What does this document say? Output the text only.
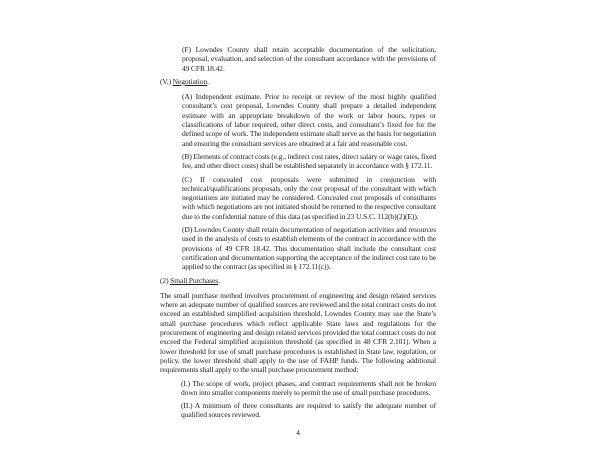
(F) Lowndes County shall retain acceptable documentation of the solicitation, proposal, evaluation, and selection of the consultant accordance with the provisions of 49 CFR 18.42.

(V.) Negotiation.

(A) Independent estimate. Prior to receipt or review of the most highly qualified consultant’s cost proposal, Lowndes County shall prepare a detailed independent estimate with an appropriate breakdown of the work or labor hours, types or classifications of labor required, other direct costs, and consultant’s fixed fee for the defined scope of work. The independent estimate shall serve as the basis for negotiation and ensuring the consultant services are obtained at a fair and reasonable cost.

(B) Elements of contract costs (e.g., indirect cost rates, direct salary or wage rates, fixed fee, and other direct costs) shall be established separately in accordance with § 172.11.

(C) If concealed cost proposals were submitted in conjunction with technical/qualifications proposals, only the cost proposal of the consultant with which negotiations are initiated may be considered. Concealed cost proposals of consultants with which negotiations are not initiated should be returned to the respective consultant due to the confidential nature of this data (as specified in 23 U.S.C. 112(b)(2)(E)).

(D) Lowndes County shall retain documentation of negotiation activities and resources used in the analysis of costs to establish elements of the contract in accordance with the provisions of 49 CFR 18.42. This documentation shall include the consultant cost certification and documentation supporting the acceptance of the indirect cost rate to be applied to the contract (as specified in § 172.11(c)).

(2) Small Purchases.

The small purchase method involves procurement of engineering and design related services where an adequate number of qualified sources are reviewed and the total contract costs do not exceed an established simplified acquisition threshold. Lowndes County may use the State’s small purchase procedures which reflect applicable State laws and regulations for the procurement of engineering and design related services provided the total contract costs do not exceed the Federal simplified acquisition threshold (as specified in 48 CFR 2.101). When a lower threshold for use of small purchase procedures is established in State law, regulation, or policy, the lower threshold shall apply to the use of FAHP funds. The following additional requirements shall apply to the small purchase procurement method:

(I.) The scope of work, project phases, and contract requirements shall not be broken down into smaller components merely to permit the use of small purchase procedures.

(II.) A minimum of three consultants are required to satisfy the adequate number of qualified sources reviewed.

4
